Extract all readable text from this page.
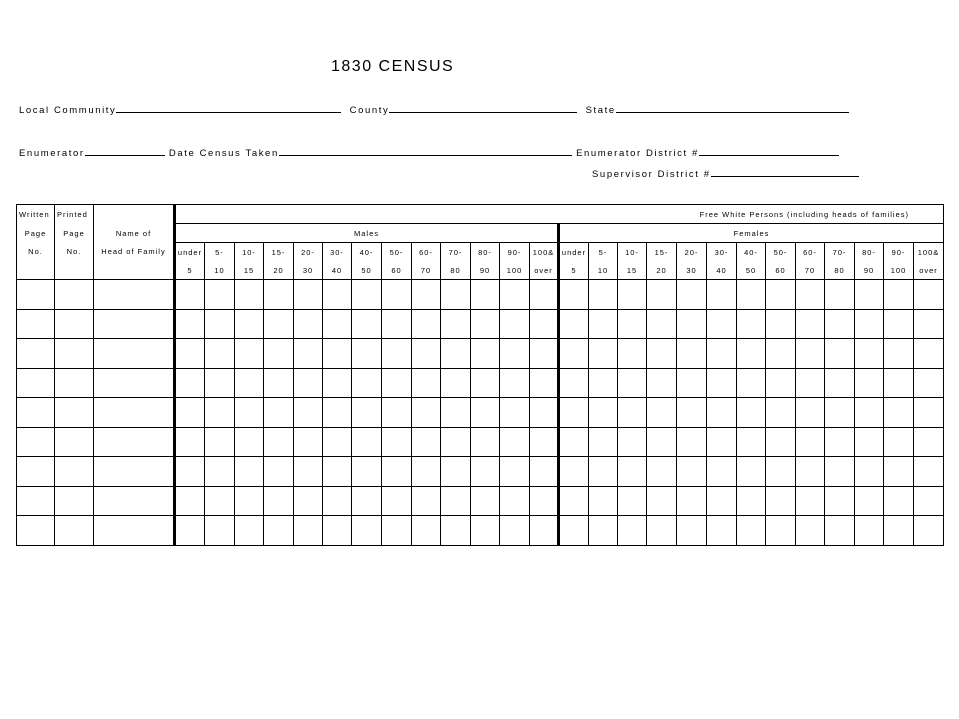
1830 CENSUS
Local Community	County	State
Enumerator	Date Census Taken	Enumerator District #
Supervisor District #
Written	Printed		Free White Persons (including heads of families)																									
Page	Page	Name of	Males													Females												
No.	No.	Head of Family	under	5-	10-	15-	20-	30-	40-	50-	60-	70-	80-	90-	100&	under	5-	10-	15-	20-	30-	40-	50-	60-	70-	80-	90-	100&
			5	10	15	20	30	40	50	60	70	80	90	100	over	5	10	15	20	30	40	50	60	70	80	90	100	over
